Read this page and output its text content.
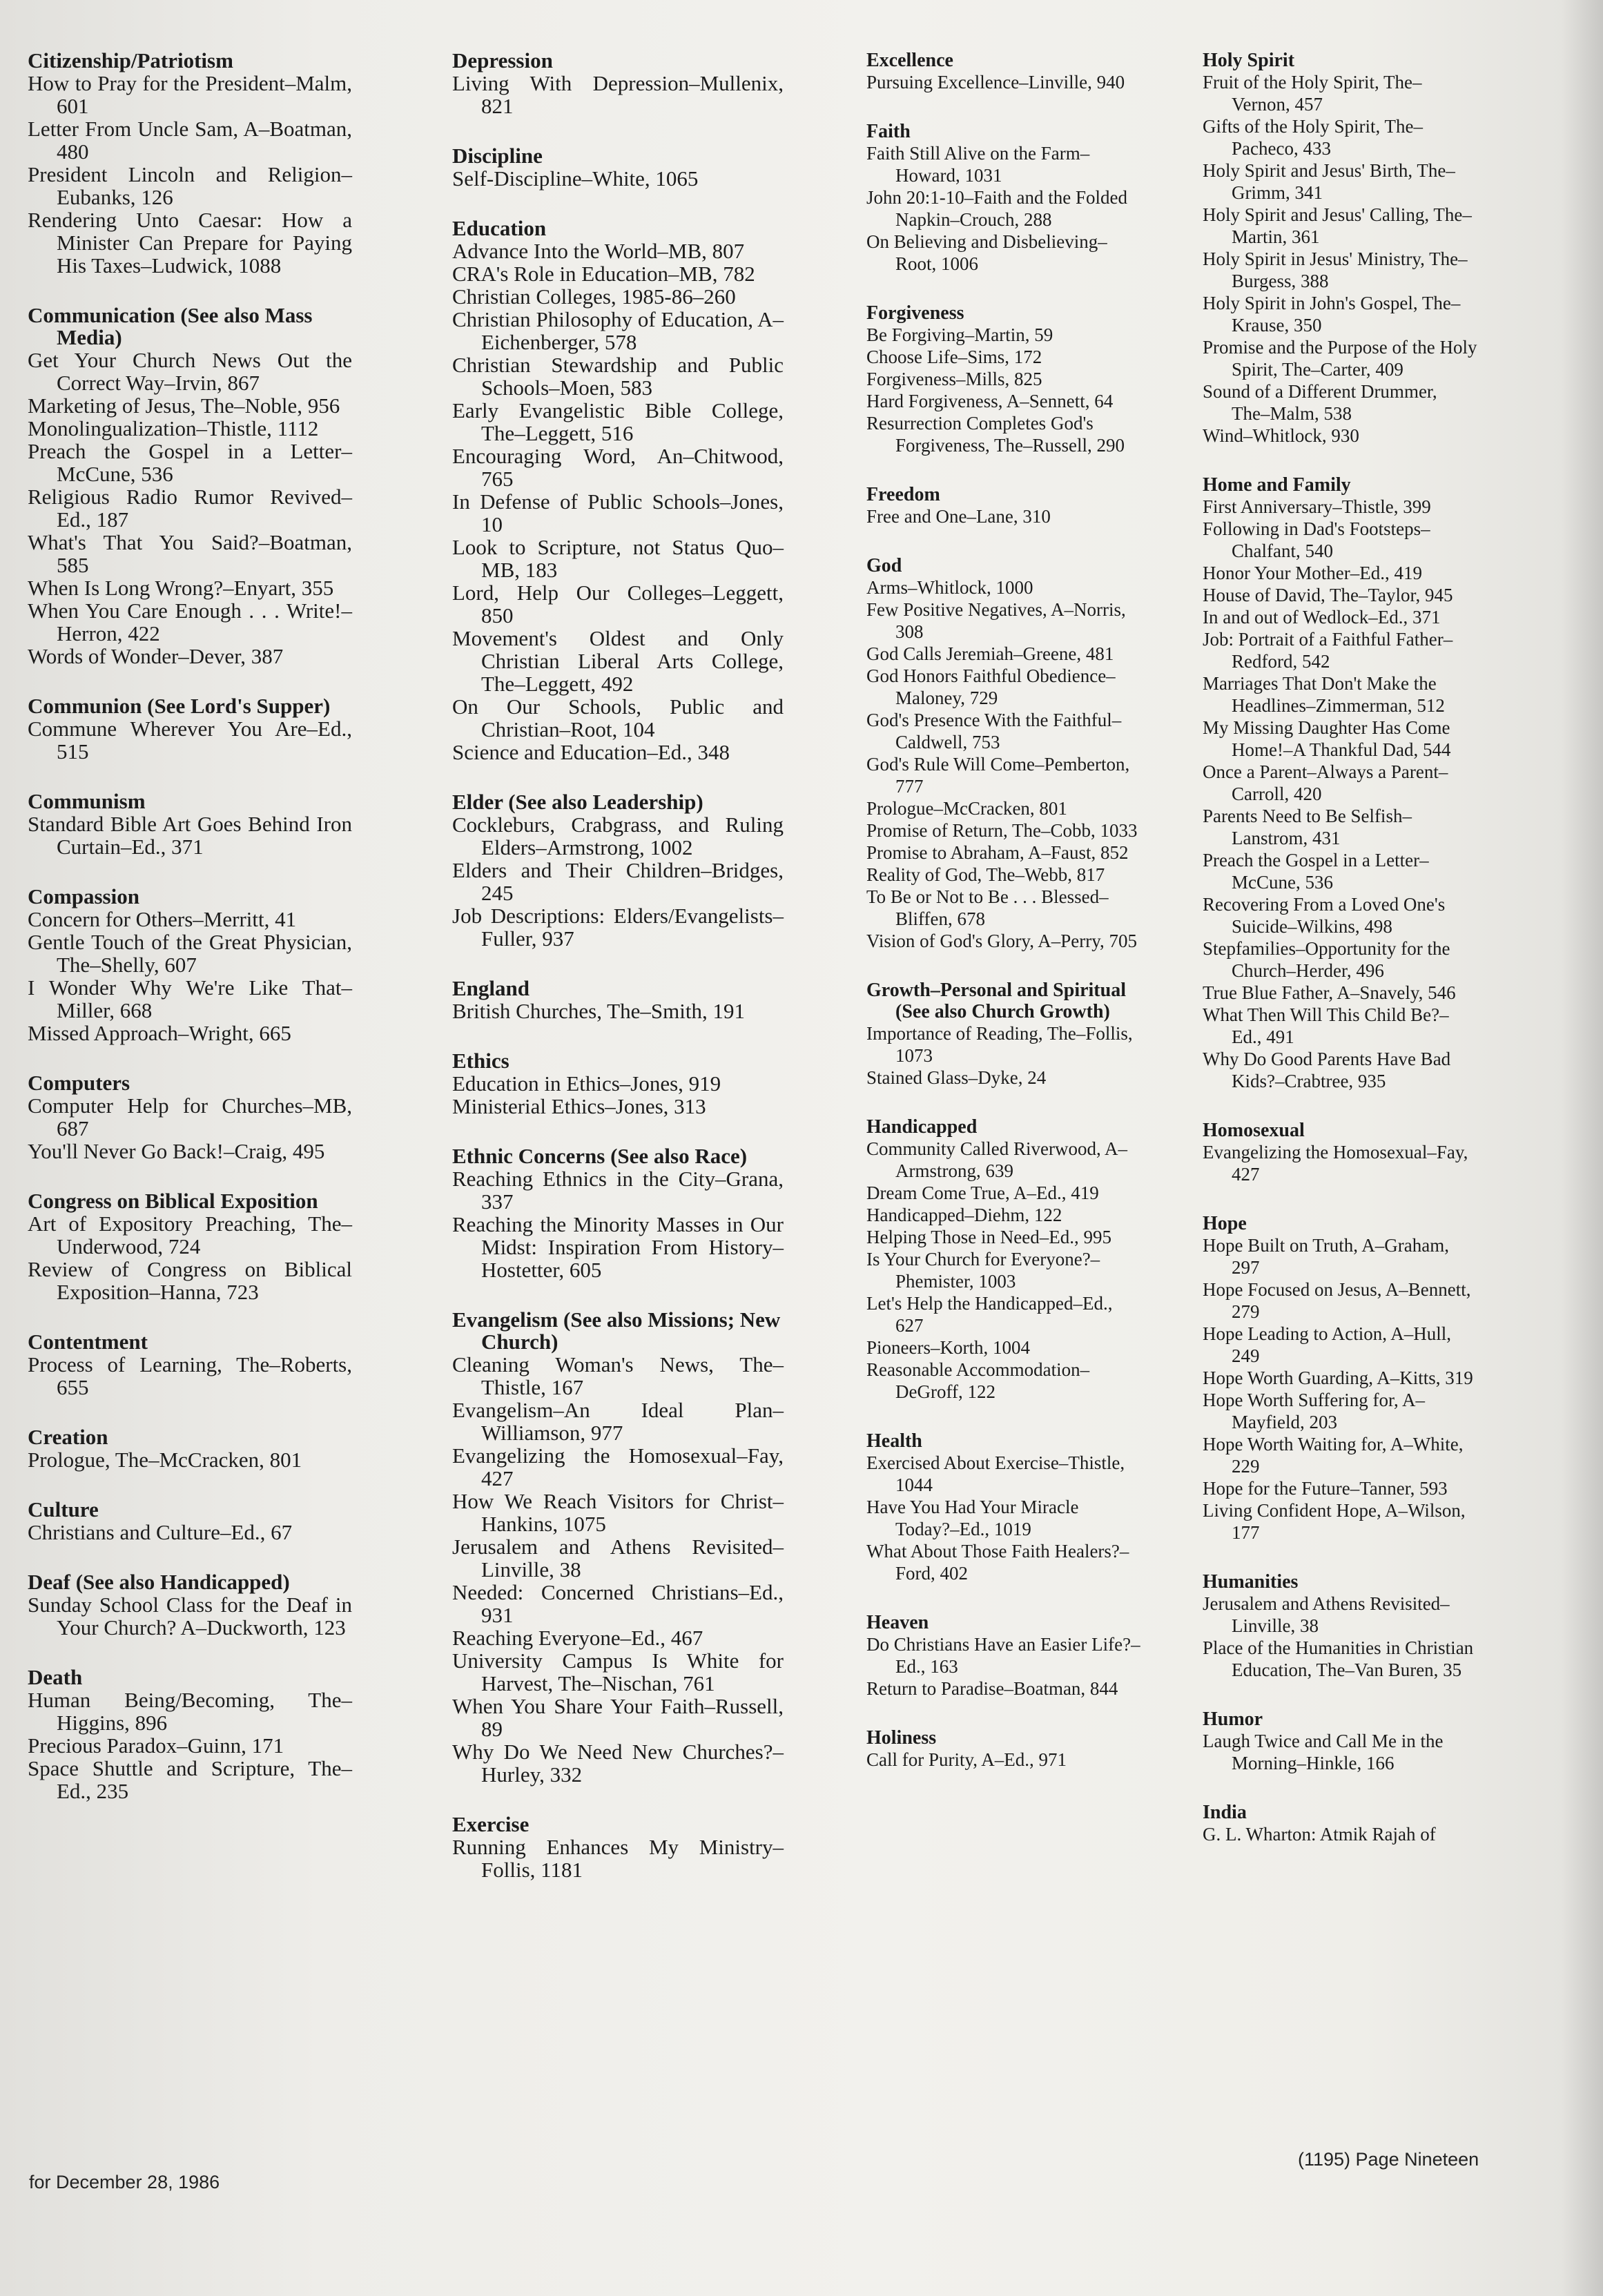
Citizenship/Patriotism

How to Pray for the President–Malm, 601

Letter From Uncle Sam, A–Boatman, 480

President Lincoln and Religion–Eubanks, 126

Rendering Unto Caesar: How a Minister Can Prepare for Paying His Taxes–Ludwick, 1088

Communication (See also Mass Media)

Get Your Church News Out the Correct Way–Irvin, 867

Marketing of Jesus, The–Noble, 956

Monolingualization–Thistle, 1112

Preach the Gospel in a Letter–McCune, 536

Religious Radio Rumor Revived–Ed., 187

What's That You Said?–Boatman, 585

When Is Long Wrong?–Enyart, 355

When You Care Enough . . . Write!–Herron, 422

Words of Wonder–Dever, 387

Communion (See Lord's Supper)

Commune Wherever You Are–Ed., 515

Communism

Standard Bible Art Goes Behind Iron Curtain–Ed., 371

Compassion

Concern for Others–Merritt, 41

Gentle Touch of the Great Physician, The–Shelly, 607

I Wonder Why We're Like That–Miller, 668

Missed Approach–Wright, 665

Computers

Computer Help for Churches–MB, 687

You'll Never Go Back!–Craig, 495

Congress on Biblical Exposition

Art of Expository Preaching, The–Underwood, 724

Review of Congress on Biblical Exposition–Hanna, 723

Contentment

Process of Learning, The–Roberts, 655

Creation

Prologue, The–McCracken, 801

Culture

Christians and Culture–Ed., 67

Deaf (See also Handicapped)

Sunday School Class for the Deaf in Your Church? A–Duckworth, 123

Death

Human Being/Becoming, The–Higgins, 896

Precious Paradox–Guinn, 171

Space Shuttle and Scripture, The–Ed., 235

Depression

Living With Depression–Mullenix, 821

Discipline

Self-Discipline–White, 1065

Education

Advance Into the World–MB, 807

CRA's Role in Education–MB, 782

Christian Colleges, 1985-86–260

Christian Philosophy of Education, A–Eichenberger, 578

Christian Stewardship and Public Schools–Moen, 583

Early Evangelistic Bible College, The–Leggett, 516

Encouraging Word, An–Chitwood, 765

In Defense of Public Schools–Jones, 10

Look to Scripture, not Status Quo–MB, 183

Lord, Help Our Colleges–Leggett, 850

Movement's Oldest and Only Christian Liberal Arts College, The–Leggett, 492

On Our Schools, Public and Christian–Root, 104

Science and Education–Ed., 348

Elder (See also Leadership)

Cockleburs, Crabgrass, and Ruling Elders–Armstrong, 1002

Elders and Their Children–Bridges, 245

Job Descriptions: Elders/Evangelists–Fuller, 937

England

British Churches, The–Smith, 191

Ethics

Education in Ethics–Jones, 919

Ministerial Ethics–Jones, 313

Ethnic Concerns (See also Race)

Reaching Ethnics in the City–Grana, 337

Reaching the Minority Masses in Our Midst: Inspiration From History–Hostetter, 605

Evangelism (See also Missions; New Church)

Cleaning Woman's News, The–Thistle, 167

Evangelism–An Ideal Plan–Williamson, 977

Evangelizing the Homosexual–Fay, 427

How We Reach Visitors for Christ–Hankins, 1075

Jerusalem and Athens Revisited–Linville, 38

Needed: Concerned Christians–Ed., 931

Reaching Everyone–Ed., 467

University Campus Is White for Harvest, The–Nischan, 761

When You Share Your Faith–Russell, 89

Why Do We Need New Churches?–Hurley, 332

Exercise

Running Enhances My Ministry–Follis, 1181

Excellence

Pursuing Excellence–Linville, 940

Faith

Faith Still Alive on the Farm–Howard, 1031

John 20:1-10–Faith and the Folded Napkin–Crouch, 288

On Believing and Disbelieving–Root, 1006

Forgiveness

Be Forgiving–Martin, 59

Choose Life–Sims, 172

Forgiveness–Mills, 825

Hard Forgiveness, A–Sennett, 64

Resurrection Completes God's Forgiveness, The–Russell, 290

Freedom

Free and One–Lane, 310

God

Arms–Whitlock, 1000

Few Positive Negatives, A–Norris, 308

God Calls Jeremiah–Greene, 481

God Honors Faithful Obedience–Maloney, 729

God's Presence With the Faithful–Caldwell, 753

God's Rule Will Come–Pemberton, 777

Prologue–McCracken, 801

Promise of Return, The–Cobb, 1033

Promise to Abraham, A–Faust, 852

Reality of God, The–Webb, 817

To Be or Not to Be . . . Blessed–Bliffen, 678

Vision of God's Glory, A–Perry, 705

Growth–Personal and Spiritual (See also Church Growth)

Importance of Reading, The–Follis, 1073

Stained Glass–Dyke, 24

Handicapped

Community Called Riverwood, A–Armstrong, 639

Dream Come True, A–Ed., 419

Handicapped–Diehm, 122

Helping Those in Need–Ed., 995

Is Your Church for Everyone?–Phemister, 1003

Let's Help the Handicapped–Ed., 627

Pioneers–Korth, 1004

Reasonable Accommodation–DeGroff, 122

Health

Exercised About Exercise–Thistle, 1044

Have You Had Your Miracle Today?–Ed., 1019

What About Those Faith Healers?–Ford, 402

Heaven

Do Christians Have an Easier Life?–Ed., 163

Return to Paradise–Boatman, 844

Holiness

Call for Purity, A–Ed., 971

Holy Spirit

Fruit of the Holy Spirit, The–Vernon, 457

Gifts of the Holy Spirit, The–Pacheco, 433

Holy Spirit and Jesus' Birth, The–Grimm, 341

Holy Spirit and Jesus' Calling, The–Martin, 361

Holy Spirit in Jesus' Ministry, The–Burgess, 388

Holy Spirit in John's Gospel, The–Krause, 350

Promise and the Purpose of the Holy Spirit, The–Carter, 409

Sound of a Different Drummer, The–Malm, 538

Wind–Whitlock, 930

Home and Family

First Anniversary–Thistle, 399

Following in Dad's Footsteps–Chalfant, 540

Honor Your Mother–Ed., 419

House of David, The–Taylor, 945

In and out of Wedlock–Ed., 371

Job: Portrait of a Faithful Father–Redford, 542

Marriages That Don't Make the Headlines–Zimmerman, 512

My Missing Daughter Has Come Home!–A Thankful Dad, 544

Once a Parent–Always a Parent–Carroll, 420

Parents Need to Be Selfish–Lanstrom, 431

Preach the Gospel in a Letter–McCune, 536

Recovering From a Loved One's Suicide–Wilkins, 498

Stepfamilies–Opportunity for the Church–Herder, 496

True Blue Father, A–Snavely, 546

What Then Will This Child Be?–Ed., 491

Why Do Good Parents Have Bad Kids?–Crabtree, 935

Homosexual

Evangelizing the Homosexual–Fay, 427

Hope

Hope Built on Truth, A–Graham, 297

Hope Focused on Jesus, A–Bennett, 279

Hope Leading to Action, A–Hull, 249

Hope Worth Guarding, A–Kitts, 319

Hope Worth Suffering for, A–Mayfield, 203

Hope Worth Waiting for, A–White, 229

Hope for the Future–Tanner, 593

Living Confident Hope, A–Wilson, 177

Humanities

Jerusalem and Athens Revisited–Linville, 38

Place of the Humanities in Christian Education, The–Van Buren, 35

Humor

Laugh Twice and Call Me in the Morning–Hinkle, 166

India

G. L. Wharton: Atmik Rajah of

for December 28, 1986
(1195) Page Nineteen
